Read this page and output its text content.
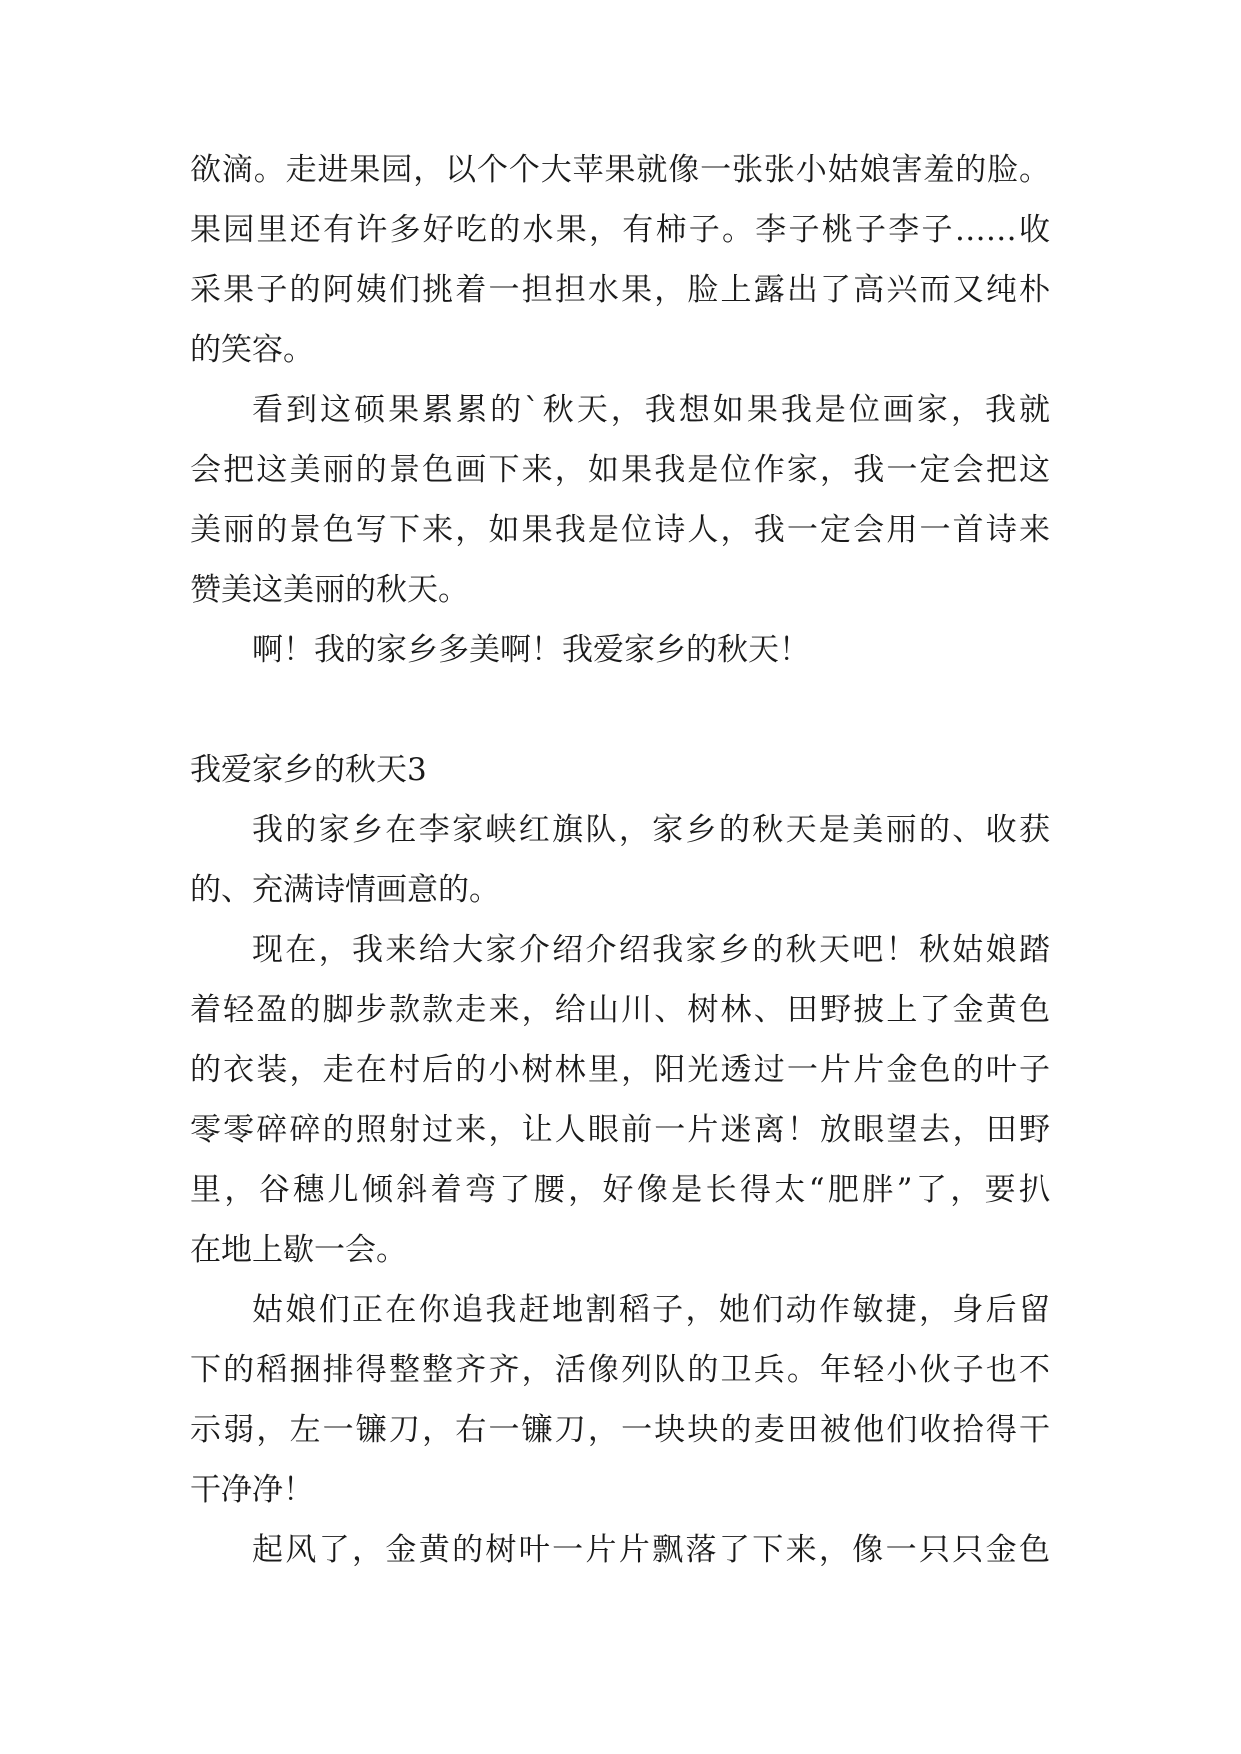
欲滴。走进果园，以个个大苹果就像一张张小姑娘害羞的脸。
果园里还有许多好吃的水果，有柿子。李子桃子李子……收
采果子的阿姨们挑着一担担水果，脸上露出了高兴而又纯朴
的笑容。
看到这硕果累累的`秋天，我想如果我是位画家，我就
会把这美丽的景色画下来，如果我是位作家，我一定会把这
美丽的景色写下来，如果我是位诗人，我一定会用一首诗来
赞美这美丽的秋天。
啊！我的家乡多美啊！我爱家乡的秋天！
我爱家乡的秋天3
我的家乡在李家峡红旗队，家乡的秋天是美丽的、收获
的、充满诗情画意的。
现在，我来给大家介绍介绍我家乡的秋天吧！秋姑娘踏
着轻盈的脚步款款走来，给山川、树林、田野披上了金黄色
的衣装，走在村后的小树林里，阳光透过一片片金色的叶子
零零碎碎的照射过来，让人眼前一片迷离！放眼望去，田野
里，谷穗儿倾斜着弯了腰，好像是长得太“肥胖”了，要扒
在地上歇一会。
姑娘们正在你追我赶地割稻子，她们动作敏捷，身后留
下的稻捆排得整整齐齐，活像列队的卫兵。年轻小伙子也不
示弱，左一镰刀，右一镰刀，一块块的麦田被他们收拾得干
干净净！
起风了，金黄的树叶一片片飘落了下来，像一只只金色
